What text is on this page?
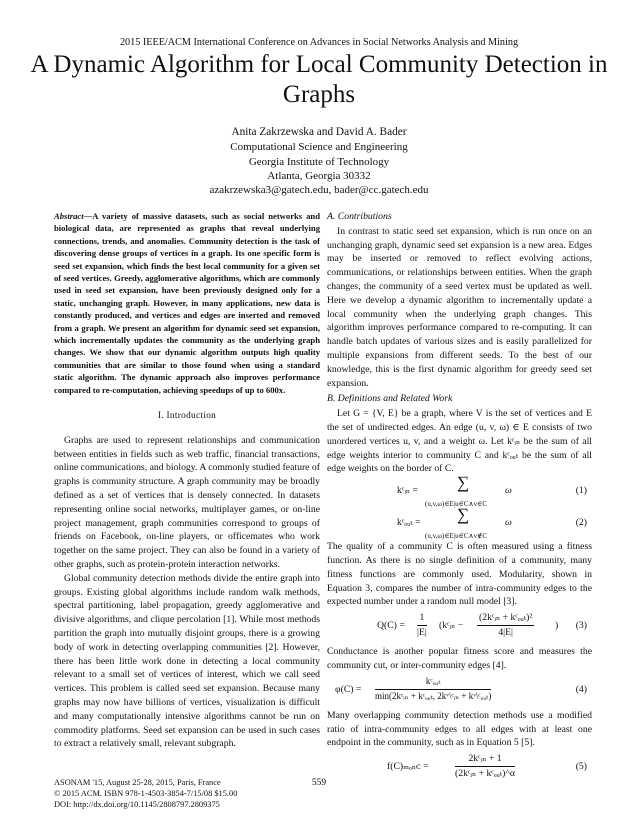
2015 IEEE/ACM International Conference on Advances in Social Networks Analysis and Mining
A Dynamic Algorithm for Local Community Detection in Graphs
Anita Zakrzewska and David A. Bader
Computational Science and Engineering
Georgia Institute of Technology
Atlanta, Georgia 30332
azakrzewska3@gatech.edu, bader@cc.gatech.edu
Abstract—A variety of massive datasets, such as social networks and biological data, are represented as graphs that reveal underlying connections, trends, and anomalies. Community detection is the task of discovering dense groups of vertices in a graph. Its one specific form is seed set expansion, which finds the best local community for a given set of seed vertices. Greedy, agglomerative algorithms, which are commonly used in seed set expansion, have been previously designed only for a static, unchanging graph. However, in many applications, new data is constantly produced, and vertices and edges are inserted and removed from a graph. We present an algorithm for dynamic seed set expansion, which incrementally updates the community as the underlying graph changes. We show that our dynamic algorithm outputs high quality communities that are similar to those found when using a standard static algorithm. The dynamic approach also improves performance compared to re-computation, achieving speedups of up to 600x.
I. Introduction

Graphs are used to represent relationships and communication between entities in fields such as web traffic, financial transactions, online communications, and biology. A commonly studied feature of graphs is community structure. A graph community may be broadly defined as a set of vertices that is densely connected. In datasets representing online social networks, multiplayer games, or on-line project management, graph communities correspond to groups of friends on Facebook, on-line players, or officemates who work together on the same project. They can also be found in a variety of other graphs, such as protein-protein interaction networks.

Global community detection methods divide the entire graph into groups. Existing global algorithms include random walk methods, spectral partitioning, label propagation, greedy agglomerative and divisive algorithms, and clique percolation [1]. While most methods partition the graph into mutually disjoint groups, there is a growing body of work in detecting overlapping communities [2]. However, there has been little work done in detecting a local community relevant to a small set of vertices of interest, which we call seed vertices. This problem is called seed set expansion. Because many graphs may now have billions of vertices, visualization is difficult and many computationally intensive algorithms cannot be run on commodity platforms. Seed set expansion can be used in such cases to extract a relatively small, relevant subgraph.

A. Contributions

In contrast to static seed set expansion, which is run once on an unchanging graph, dynamic seed set expansion is a new area. Edges may be inserted or removed to reflect evolving actions, communications, or relationships between entities. When the graph changes, the community of a seed vertex must be updated as well. Here we develop a dynamic algorithm to incrementally update a local community when the underlying graph changes. This algorithm improves performance compared to re-computing. It can handle batch updates of various sizes and is easily parallelized for multiple expansions from different seeds. To the best of our knowledge, this is the first dynamic algorithm for greedy seed set expansion.

B. Definitions and Related Work

Let G = {V, E} be a graph, where V is the set of vertices and E the set of undirected edges. An edge (u, v, ω) ∈ E consists of two unordered vertices u, v, and a weight ω. Let kᶜᵢₙ be the sum of all edge weights interior to community C and kᶜₒᵤₜ be the sum of all edge weights on the border of C.

kᶜᵢₙ = ∑
(u,v,ω)∈E|u∈C∧v∈C
ω	(1)
kᶜₒᵤₜ = ∑
(u,v,ω)∈E|u∈C∧v∉C
ω	(2)

The quality of a community C is often measured using a fitness function. As there is no single definition of a community, many fitness functions are commonly used. Modularity, shown in Equation 3, compares the number of intra-community edges to the expected number under a random null model [3].

$Q(C) = \frac{1}{|E|}$ (kᶜᵢₙ −
(2kᶜᵢₙ + kᶜₒᵤₜ)²
4|E|
) (3)

Conductance is another popular fitness score and measures the community cut, or inter-community edges [4].

φ(C) =
kᶜₒᵤₜ
min(2kᶜᵢₙ + kᶜₒᵤₜ, 2kᵛ\ᶜᵢₙ + kᵛ\ᶜₒᵤₜ)
(4)

Many overlapping community detection methods use a modified ratio of intra-community edges to all edges with at least one endpoint in the community, such as in Equation 5 [5].

f(C)ₘₒₙᴄ =
2kᶜᵢₙ + 1
(2kᶜᵢₙ + kᶜₒᵤₜ)^α
(5)
ASONAM '15, August 25-28, 2015, Paris, France
© 2015 ACM. ISBN 978-1-4503-3854-7/15/08 $15.00
DOI: http://dx.doi.org/10.1145/2808797.2809375
559
